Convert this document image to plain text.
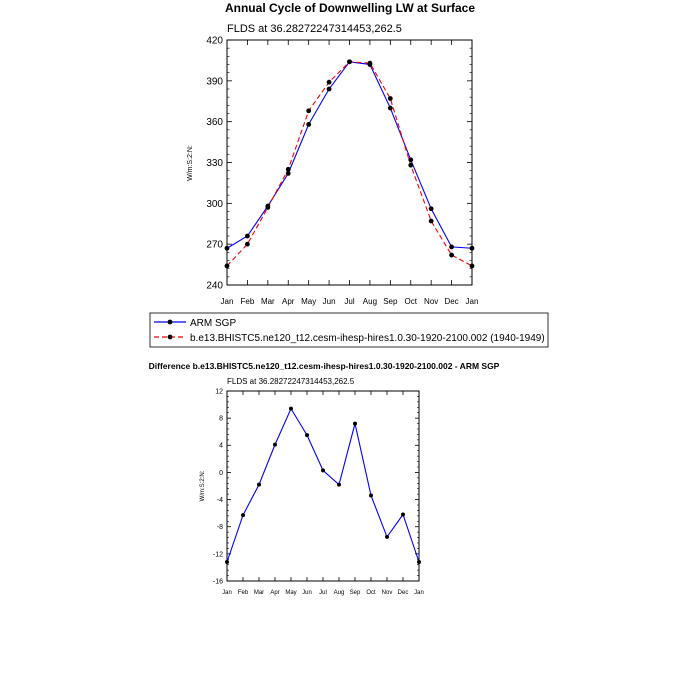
Annual Cycle of Downwelling LW at Surface
FLDS at 36.28272247314453,262.5
240
270
300
330
360
390
420
Jan Feb Mar Apr May Jun Jul Aug Sep Oct Nov Dec Jan
W/m:S:2:N:
ARM SGP
b.e13.BHISTC5.ne120_t12.cesm-ihesp-hires1.0.30-1920-2100.002 (1940-1949)
Difference b.e13.BHISTC5.ne120_t12.cesm-ihesp-hires1.0.30-1920-2100.002 - ARM SGP
FLDS at 36.28272247314453,262.5
-16
-12
-8
-4
0
4
8
12
Jan Feb Mar Apr May Jun Jul Aug Sep Oct Nov Dec Jan
W/m:S:2:N:
